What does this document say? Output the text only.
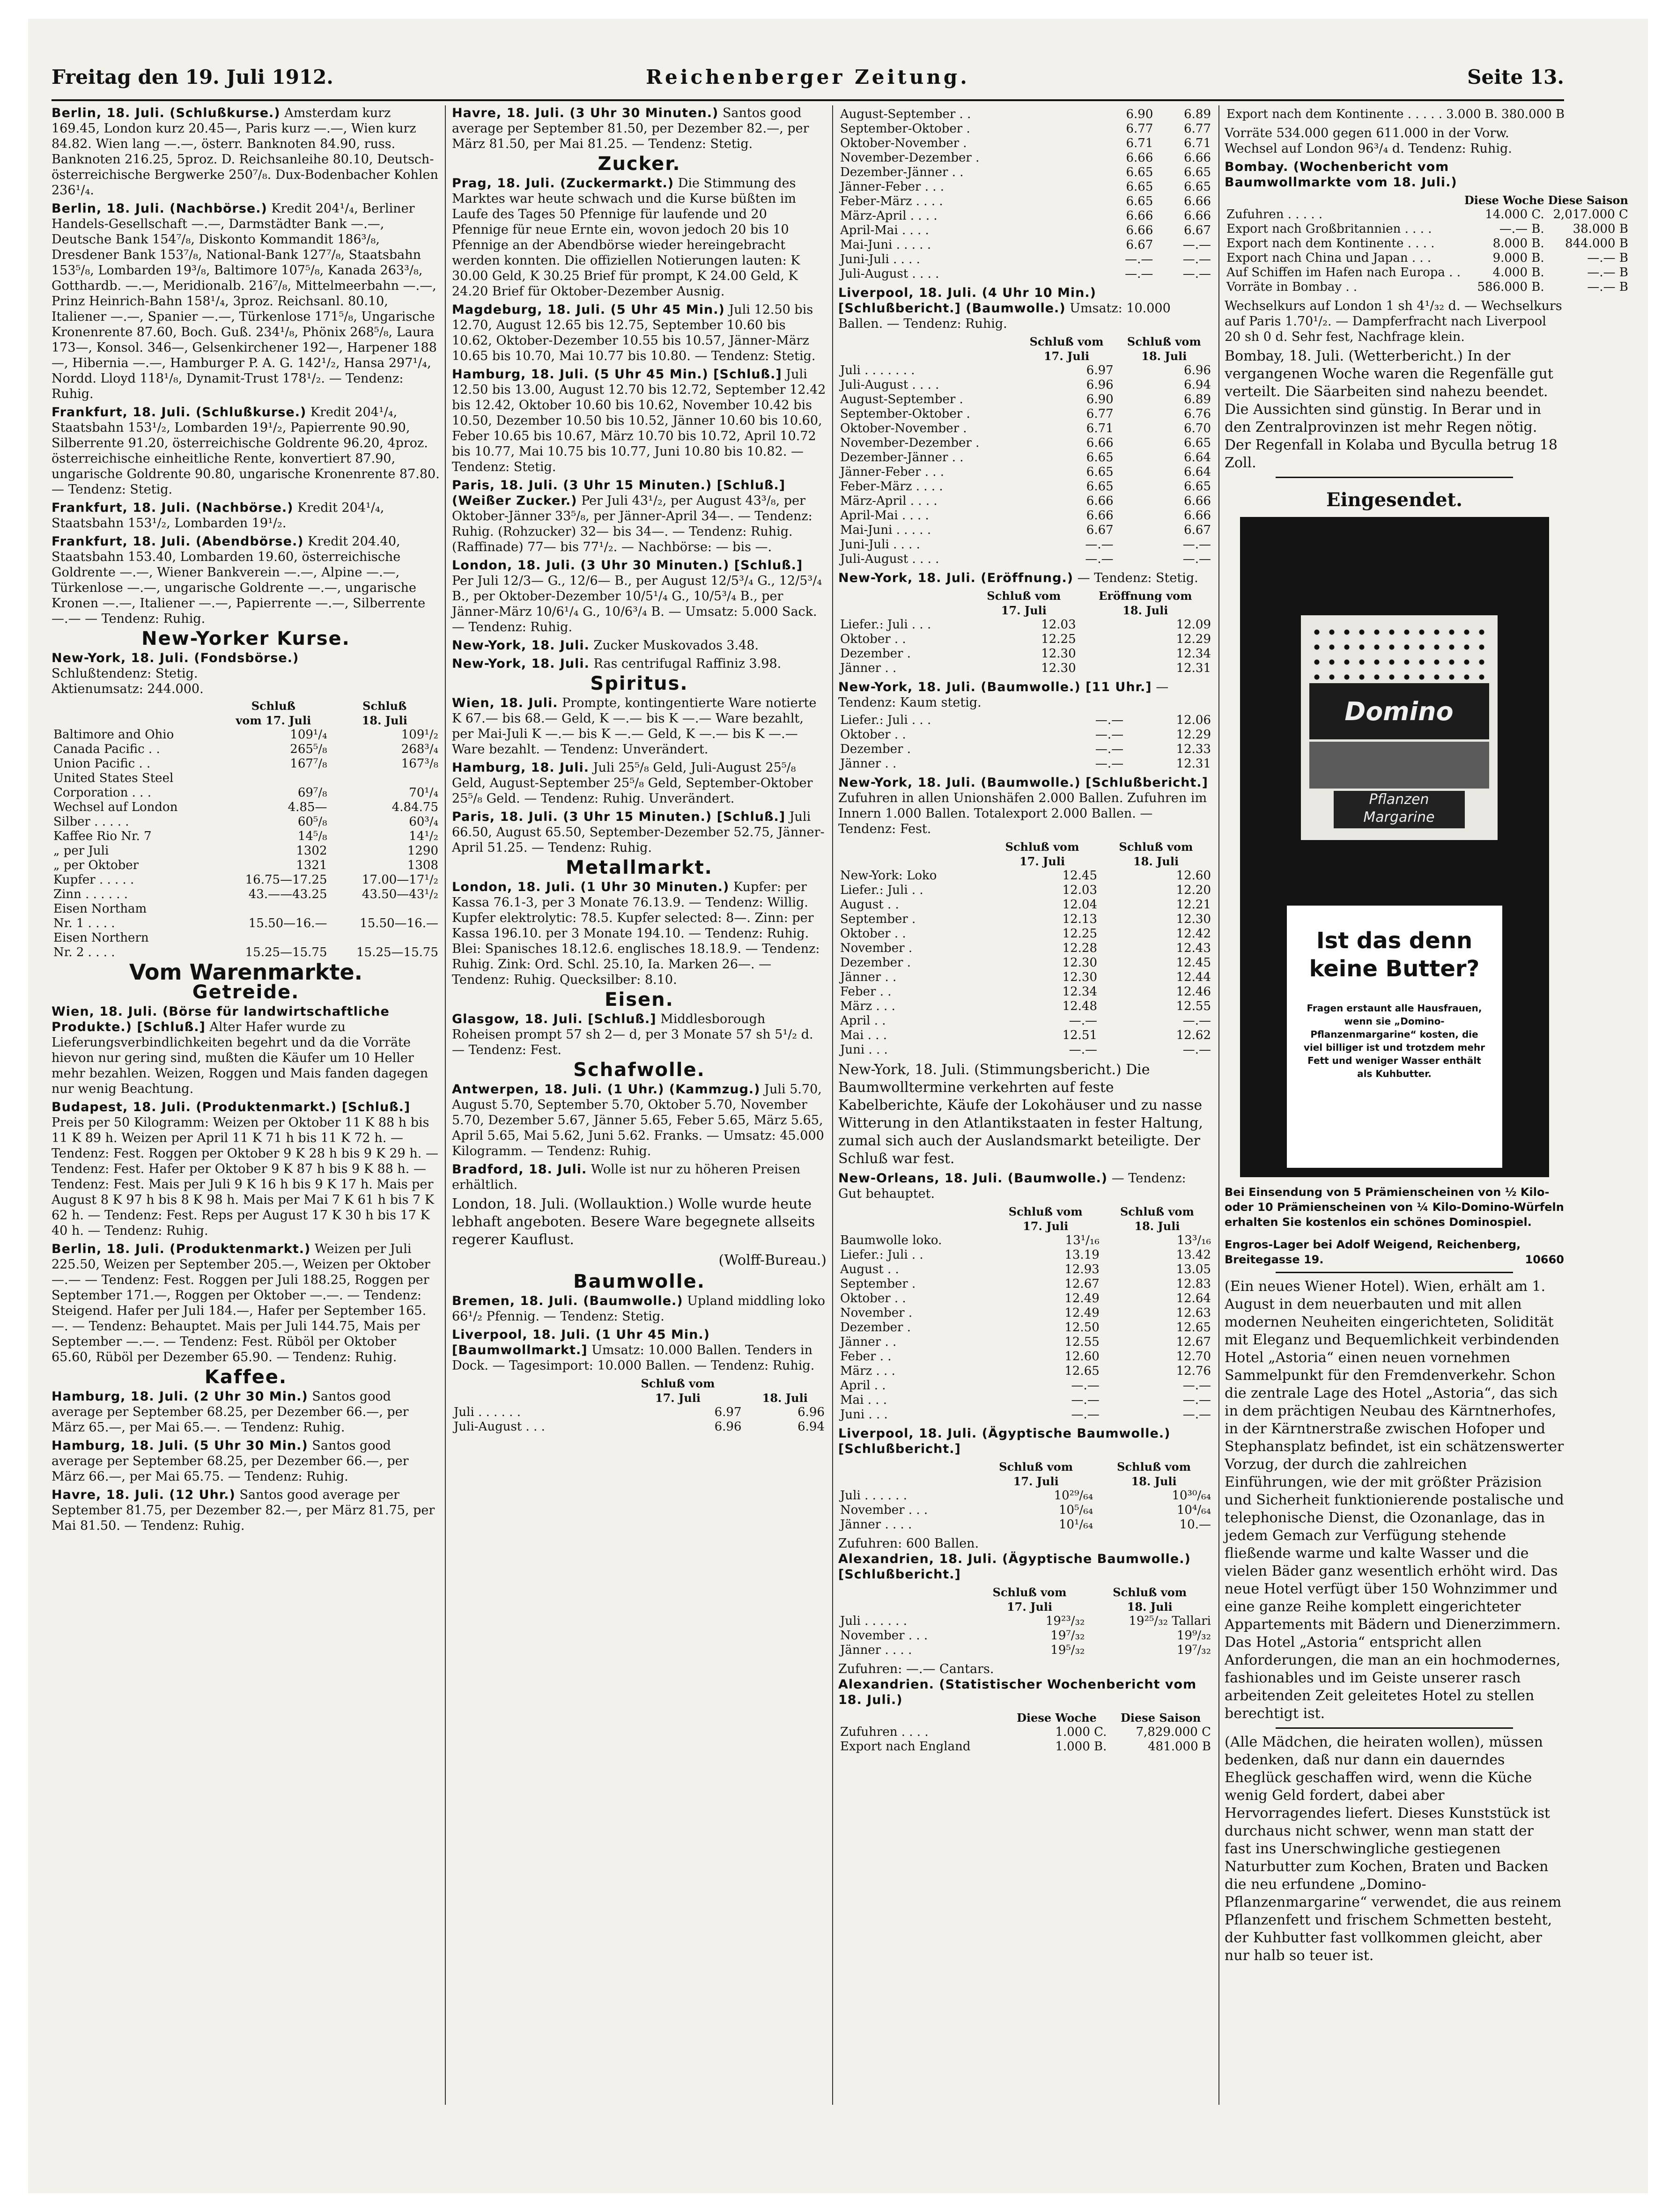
Freitag den 19. Juli 1912.	Reichenberger Zeitung.	Seite 13.
Berlin, 18. Juli. (Schlußkurse.) Amsterdam kurz 169.45, London kurz 20.45—, Paris kurz —.—, Wien kurz 84.82. Wien lang —.—, österr. Banknoten 84.90, russ. Banknoten 216.25, 5proz. D. Reichsanleihe 80.10, Deutsch-österreichische Bergwerke 250⁷/₈. Dux-Bodenbacher Kohlen 236¹/₄.
Berlin, 18. Juli. (Nachbörse.) Kredit 204¹/₄, Berliner Handels-Gesellschaft —.—, Darmstädter Bank —.—, Deutsche Bank 154⁷/₈, Diskonto Kommandit 186³/₈, Dresdener Bank 153⁷/₈, National-Bank 127⁷/₈, Staatsbahn 153⁵/₈, Lombarden 19³/₈, Baltimore 107⁵/₈, Kanada 263³/₈, Gotthardb. —.—, Meridionalb. 216⁷/₈, Mittelmeerbahn —.—, Prinz Heinrich-Bahn 158¹/₄, 3proz. Reichsanl. 80.10, Italiener —.—, Spanier —.—, Türkenlose 171⁵/₈, Ungarische Kronenrente 87.60, Boch. Guß. 234¹/₈, Phönix 268⁵/₈, Laura 173—, Konsol. 346—, Gelsenkirchener 192—, Harpener 188—, Hibernia —.—, Hamburger P. A. G. 142¹/₂, Hansa 297¹/₄, Nordd. Lloyd 118¹/₈, Dynamit-Trust 178¹/₂. — Tendenz: Ruhig.
Frankfurt, 18. Juli. (Schlußkurse.) Kredit 204¹/₄, Staatsbahn 153¹/₂, Lombarden 19¹/₂, Papierrente 90.90, Silberrente 91.20, österreichische Goldrente 96.20, 4proz. österreichische einheitliche Rente, konvertiert 87.90, ungarische Goldrente 90.80, ungarische Kronenrente 87.80. — Tendenz: Stetig.
Frankfurt, 18. Juli. (Nachbörse.) Kredit 204¹/₄, Staatsbahn 153¹/₂, Lombarden 19¹/₂.
Frankfurt, 18. Juli. (Abendbörse.) Kredit 204.40, Staatsbahn 153.40, Lombarden 19.60, österreichische Goldrente —.—, Wiener Bankverein —.—, Alpine —.—, Türkenlose —.—, ungarische Goldrente —.—, ungarische Kronen —.—, Italiener —.—, Papierrente —.—, Silberrente —.— — Tendenz: Ruhig.
New-Yorker Kurse.
New-York, 18. Juli. (Fondsbörse.)
Schlußtendenz: Stetig.
Aktienumsatz: 244.000.
	Schluß	Schluß
	vom 17. Juli	18. Juli
Baltimore and Ohio	109¹/₄	109¹/₂
Canada Pacific . .	265⁵/₈	268³/₄
Union Pacific . .	167⁷/₈	167³/₈
United States Steel		
Corporation . . .	69⁷/₈	70¹/₄
Wechsel auf London	4.85—	4.84.75
Silber . . . . .	60⁵/₈	60³/₄
Kaffee Rio Nr. 7	14⁵/₈	14¹/₂
„ per Juli	1302	1290
„ per Oktober	1321	1308
Kupfer . . . . .	16.75—17.25	17.00—17¹/₂
Zinn . . . . . .	43.——43.25	43.50—43¹/₂
Eisen Northam		
Nr. 1 . . . .	15.50—16.—	15.50—16.—
Eisen Northern		
Nr. 2 . . . .	15.25—15.75	15.25—15.75
Vom Warenmarkte.
Getreide.
Wien, 18. Juli. (Börse für landwirtschaftliche Produkte.) [Schluß.] Alter Hafer wurde zu Lieferungsverbindlichkeiten begehrt und da die Vorräte hievon nur gering sind, mußten die Käufer um 10 Heller mehr bezahlen. Weizen, Roggen und Mais fanden dagegen nur wenig Beachtung.
Budapest, 18. Juli. (Produktenmarkt.) [Schluß.] Preis per 50 Kilogramm: Weizen per Oktober 11 K 88 h bis 11 K 89 h. Weizen per April 11 K 71 h bis 11 K 72 h. — Tendenz: Fest. Roggen per Oktober 9 K 28 h bis 9 K 29 h. — Tendenz: Fest. Hafer per Oktober 9 K 87 h bis 9 K 88 h. — Tendenz: Fest. Mais per Juli 9 K 16 h bis 9 K 17 h. Mais per August 8 K 97 h bis 8 K 98 h. Mais per Mai 7 K 61 h bis 7 K 62 h. — Tendenz: Fest. Reps per August 17 K 30 h bis 17 K 40 h. — Tendenz: Ruhig.
Berlin, 18. Juli. (Produktenmarkt.) Weizen per Juli 225.50, Weizen per September 205.—, Weizen per Oktober —.— — Tendenz: Fest. Roggen per Juli 188.25, Roggen per September 171.—, Roggen per Oktober —.—. — Tendenz: Steigend. Hafer per Juli 184.—, Hafer per September 165.—. — Tendenz: Behauptet. Mais per Juli 144.75, Mais per September —.—. — Tendenz: Fest. Rüböl per Oktober 65.60, Rüböl per Dezember 65.90. — Tendenz: Ruhig.
Kaffee.
Hamburg, 18. Juli. (2 Uhr 30 Min.) Santos good average per September 68.25, per Dezember 66.—, per März 65.—, per Mai 65.—. — Tendenz: Ruhig.
Hamburg, 18. Juli. (5 Uhr 30 Min.) Santos good average per September 68.25, per Dezember 66.—, per März 66.—, per Mai 65.75. — Tendenz: Ruhig.
Havre, 18. Juli. (12 Uhr.) Santos good average per September 81.75, per Dezember 82.—, per März 81.75, per Mai 81.50. — Tendenz: Ruhig.
Havre, 18. Juli. (3 Uhr 30 Minuten.) Santos good average per September 81.50, per Dezember 82.—, per März 81.50, per Mai 81.25. — Tendenz: Stetig.
Zucker.
Prag, 18. Juli. (Zuckermarkt.) Die Stimmung des Marktes war heute schwach und die Kurse büßten im Laufe des Tages 50 Pfennige für laufende und 20 Pfennige für neue Ernte ein, wovon jedoch 20 bis 10 Pfennige an der Abendbörse wieder hereingebracht werden konnten. Die offiziellen Notierungen lauten: K 30.00 Geld, K 30.25 Brief für prompt, K 24.00 Geld, K 24.20 Brief für Oktober-Dezember Ausnig.
Magdeburg, 18. Juli. (5 Uhr 45 Min.) Juli 12.50 bis 12.70, August 12.65 bis 12.75, September 10.60 bis 10.62, Oktober-Dezember 10.55 bis 10.57, Jänner-März 10.65 bis 10.70, Mai 10.77 bis 10.80. — Tendenz: Stetig.
Hamburg, 18. Juli. (5 Uhr 45 Min.) [Schluß.] Juli 12.50 bis 13.00, August 12.70 bis 12.72, September 12.42 bis 12.42, Oktober 10.60 bis 10.62, November 10.42 bis 10.50, Dezember 10.50 bis 10.52, Jänner 10.60 bis 10.60, Feber 10.65 bis 10.67, März 10.70 bis 10.72, April 10.72 bis 10.77, Mai 10.75 bis 10.77, Juni 10.80 bis 10.82. — Tendenz: Stetig.
Paris, 18. Juli. (3 Uhr 15 Minuten.) [Schluß.] (Weißer Zucker.) Per Juli 43¹/₂, per August 43³/₈, per Oktober-Jänner 33⁵/₈, per Jänner-April 34—. — Tendenz: Ruhig. (Rohzucker) 32— bis 34—. — Tendenz: Ruhig. (Raffinade) 77— bis 77¹/₂. — Nachbörse: — bis —.
London, 18. Juli. (3 Uhr 30 Minuten.) [Schluß.] Per Juli 12/3— G., 12/6— B., per August 12/5³/₄ G., 12/5³/₄ B., per Oktober-Dezember 10/5¹/₄ G., 10/5³/₄ B., per Jänner-März 10/6¹/₄ G., 10/6³/₄ B. — Umsatz: 5.000 Sack. — Tendenz: Ruhig.
New-York, 18. Juli. Zucker Muskovados 3.48.
New-York, 18. Juli. Ras centrifugal Raffiniz 3.98.
Spiritus.
Wien, 18. Juli. Prompte, kontingentierte Ware notierte K 67.— bis 68.— Geld, K —.— bis K —.— Ware bezahlt, per Mai-Juli K —.— bis K —.— Geld, K —.— bis K —.— Ware bezahlt. — Tendenz: Unverändert.
Hamburg, 18. Juli. Juli 25⁵/₈ Geld, Juli-August 25⁵/₈ Geld, August-September 25⁵/₈ Geld, September-Oktober 25⁵/₈ Geld. — Tendenz: Ruhig. Unverändert.
Paris, 18. Juli. (3 Uhr 15 Minuten.) [Schluß.] Juli 66.50, August 65.50, September-Dezember 52.75, Jänner-April 51.25. — Tendenz: Ruhig.
Metallmarkt.
London, 18. Juli. (1 Uhr 30 Minuten.) Kupfer: per Kassa 76.1-3, per 3 Monate 76.13.9. — Tendenz: Willig. Kupfer elektrolytic: 78.5. Kupfer selected: 8—. Zinn: per Kassa 196.10. per 3 Monate 194.10. — Tendenz: Ruhig. Blei: Spanisches 18.12.6. englisches 18.18.9. — Tendenz: Ruhig. Zink: Ord. Schl. 25.10, Ia. Marken 26—. — Tendenz: Ruhig. Quecksilber: 8.10.
Eisen.
Glasgow, 18. Juli. [Schluß.] Middlesborough Roheisen prompt 57 sh 2— d, per 3 Monate 57 sh 5¹/₂ d. — Tendenz: Fest.
Schafwolle.
Antwerpen, 18. Juli. (1 Uhr.) (Kammzug.) Juli 5.70, August 5.70, September 5.70, Oktober 5.70, November 5.70, Dezember 5.67, Jänner 5.65, Feber 5.65, März 5.65, April 5.65, Mai 5.62, Juni 5.62. Franks. — Umsatz: 45.000 Kilogramm. — Tendenz: Ruhig.
Bradford, 18. Juli. Wolle ist nur zu höheren Preisen erhältlich.
London, 18. Juli. (Wollauktion.) Wolle wurde heute lebhaft angeboten. Besere Ware begegnete allseits regerer Kauflust.
(Wolff-Bureau.)
Baumwolle.
Bremen, 18. Juli. (Baumwolle.) Upland middling loko 66¹/₂ Pfennig. — Tendenz: Stetig.
Liverpool, 18. Juli. (1 Uhr 45 Min.) [Baumwollmarkt.] Umsatz: 10.000 Ballen. Tenders in Dock. — Tagesimport: 10.000 Ballen. — Tendenz: Ruhig.
	Schluß vom	
	17. Juli	18. Juli
Juli . . . . . .	6.97	6.96
Juli-August . . .	6.96	6.94
August-September . .	6.90	6.89
September-Oktober .	6.77	6.77
Oktober-November .	6.71	6.71
November-Dezember .	6.66	6.66
Dezember-Jänner . .	6.65	6.65
Jänner-Feber . . .	6.65	6.65
Feber-März . . . .	6.65	6.66
März-April . . . .	6.66	6.66
April-Mai . . . .	6.66	6.67
Mai-Juni . . . . .	6.67	—.—
Juni-Juli . . . .	—.—	—.—
Juli-August . . . .	—.—	—.—
Liverpool, 18. Juli. (4 Uhr 10 Min.) [Schlußbericht.] (Baumwolle.) Umsatz: 10.000 Ballen. — Tendenz: Ruhig.
	Schluß vom	Schluß vom
	17. Juli	18. Juli
Juli . . . . . . .	6.97	6.96
Juli-August . . . .	6.96	6.94
August-September .	6.90	6.89
September-Oktober .	6.77	6.76
Oktober-November .	6.71	6.70
November-Dezember .	6.66	6.65
Dezember-Jänner . .	6.65	6.64
Jänner-Feber . . .	6.65	6.64
Feber-März . . . .	6.65	6.65
März-April . . . .	6.66	6.66
April-Mai . . . .	6.66	6.66
Mai-Juni . . . . .	6.67	6.67
Juni-Juli . . . .	—.—	—.—
Juli-August . . . .	—.—	—.—
New-York, 18. Juli. (Eröffnung.) — Tendenz: Stetig.
	Schluß vom	Eröffnung vom
	17. Juli	18. Juli
Liefer.: Juli . . .	12.03	12.09
Oktober . .	12.25	12.29
Dezember .	12.30	12.34
Jänner . .	12.30	12.31
New-York, 18. Juli. (Baumwolle.) [11 Uhr.] — Tendenz: Kaum stetig.
Liefer.: Juli . . .	—.—	12.06
Oktober . .	—.—	12.29
Dezember .	—.—	12.33
Jänner . .	—.—	12.31
New-York, 18. Juli. (Baumwolle.) [Schlußbericht.] Zufuhren in allen Unionshäfen 2.000 Ballen. Zufuhren im Innern 1.000 Ballen. Totalexport 2.000 Ballen. — Tendenz: Fest.
	Schluß vom	Schluß vom
	17. Juli	18. Juli
New-York: Loko	12.45	12.60
Liefer.: Juli . .	12.03	12.20
August . .	12.04	12.21
September .	12.13	12.30
Oktober . .	12.25	12.42
November .	12.28	12.43
Dezember .	12.30	12.45
Jänner . .	12.30	12.44
Feber . .	12.34	12.46
März . . .	12.48	12.55
April . .	—.—	—.—
Mai . . .	12.51	12.62
Juni . . .	—.—	—.—
New-York, 18. Juli. (Stimmungsbericht.) Die Baumwolltermine verkehrten auf feste Kabelberichte, Käufe der Lokohäuser und zu nasse Witterung in den Atlantikstaaten in fester Haltung, zumal sich auch der Auslandsmarkt beteiligte. Der Schluß war fest.
New-Orleans, 18. Juli. (Baumwolle.) — Tendenz: Gut behauptet.
	Schluß vom	Schluß vom
	17. Juli	18. Juli
Baumwolle loko.	13¹/₁₆	13³/₁₆
Liefer.: Juli . .	13.19	13.42
August . .	12.93	13.05
September .	12.67	12.83
Oktober . .	12.49	12.64
November .	12.49	12.63
Dezember .	12.50	12.65
Jänner . .	12.55	12.67
Feber . .	12.60	12.70
März . . .	12.65	12.76
April . .	—.—	—.—
Mai . . .	—.—	—.—
Juni . . .	—.—	—.—
Liverpool, 18. Juli. (Ägyptische Baumwolle.) [Schlußbericht.]
	Schluß vom	Schluß vom
	17. Juli	18. Juli
Juli . . . . . .	10²⁹/₆₄	10³⁰/₆₄
November . . .	10⁵/₆₄	10⁴/₆₄
Jänner . . . .	10¹/₆₄	10.—
Zufuhren: 600 Ballen.
Alexandrien, 18. Juli. (Ägyptische Baumwolle.) [Schlußbericht.]
	Schluß vom	Schluß vom
	17. Juli	18. Juli
Juli . . . . . .	19²³/₃₂	19²⁵/₃₂ Tallari
November . . .	19⁷/₃₂	19⁹/₃₂
Jänner . . . .	19⁵/₃₂	19⁷/₃₂
Zufuhren: —.— Cantars.
Alexandrien. (Statistischer Wochenbericht vom 18. Juli.)
	Diese Woche	Diese Saison
Zufuhren . . . .	1.000 C.	7,829.000 C
Export nach England	1.000 B.	481.000 B
Export nach dem Kontinente . . . . .	3.000 B.	380.000 B
Vorräte 534.000 gegen 611.000 in der Vorw. Wechsel auf London 96³/₄ d. Tendenz: Ruhig.
Bombay. (Wochenbericht vom Baumwollmarkte vom 18. Juli.)
	Diese Woche	Diese Saison
Zufuhren . . . . .	14.000 C.	2,017.000 C
Export nach Großbritannien . . . .	—.— B.	38.000 B
Export nach dem Kontinente . . . .	8.000 B.	844.000 B
Export nach China und Japan . . .	9.000 B.	—.— B
Auf Schiffen im Hafen nach Europa . .	4.000 B.	—.— B
Vorräte in Bombay . .	586.000 B.	—.— B
Wechselkurs auf London 1 sh 4¹/₃₂ d. — Wechselkurs auf Paris 1.70¹/₂. — Dampferfracht nach Liverpool 20 sh 0 d. Sehr fest, Nachfrage klein.
Bombay, 18. Juli. (Wetterbericht.) In der vergangenen Woche waren die Regenfälle gut verteilt. Die Säarbeiten sind nahezu beendet. Die Aussichten sind günstig. In Berar und in den Zentralprovinzen ist mehr Regen nötig. Der Regenfall in Kolaba und Byculla betrug 18 Zoll.
Eingesendet.
Domino
Pflanzen Margarine
Ist das denn keine Butter?
Fragen erstaunt alle Hausfrauen, wenn sie „Domino-Pflanzenmargarine“ kosten, die viel billiger ist und trotzdem mehr Fett und weniger Wasser enthält als Kuhbutter.
Bei Einsendung von 5 Prämienscheinen von ½ Kilo- oder 10 Prämienscheinen von ¼ Kilo-Domino-Würfeln erhalten Sie kostenlos ein schönes Dominospiel.
Engros-Lager bei Adolf Weigend, Reichenberg, Breitegasse 19.	10660
(Ein neues Wiener Hotel). Wien, erhält am 1. August in dem neuerbauten und mit allen modernen Neuheiten eingerichteten, Solidität mit Eleganz und Bequemlichkeit verbindenden Hotel „Astoria“ einen neuen vornehmen Sammelpunkt für den Fremdenverkehr. Schon die zentrale Lage des Hotel „Astoria“, das sich in dem prächtigen Neubau des Kärntnerhofes, in der Kärntnerstraße zwischen Hofoper und Stephansplatz befindet, ist ein schätzenswerter Vorzug, der durch die zahlreichen Einführungen, wie der mit größter Präzision und Sicherheit funktionierende postalische und telephonische Dienst, die Ozonanlage, das in jedem Gemach zur Verfügung stehende fließende warme und kalte Wasser und die vielen Bäder ganz wesentlich erhöht wird. Das neue Hotel verfügt über 150 Wohnzimmer und eine ganze Reihe komplett eingerichteter Appartements mit Bädern und Dienerzimmern. Das Hotel „Astoria“ entspricht allen Anforderungen, die man an ein hochmodernes, fashionables und im Geiste unserer rasch arbeitenden Zeit geleitetes Hotel zu stellen berechtigt ist.
(Alle Mädchen, die heiraten wollen), müssen bedenken, daß nur dann ein dauerndes Eheglück geschaffen wird, wenn die Küche wenig Geld fordert, dabei aber Hervorragendes liefert. Dieses Kunststück ist durchaus nicht schwer, wenn man statt der fast ins Unerschwingliche gestiegenen Naturbutter zum Kochen, Braten und Backen die neu erfundene „Domino-Pflanzenmargarine“ verwendet, die aus reinem Pflanzenfett und frischem Schmetten besteht, der Kuhbutter fast vollkommen gleicht, aber nur halb so teuer ist.
